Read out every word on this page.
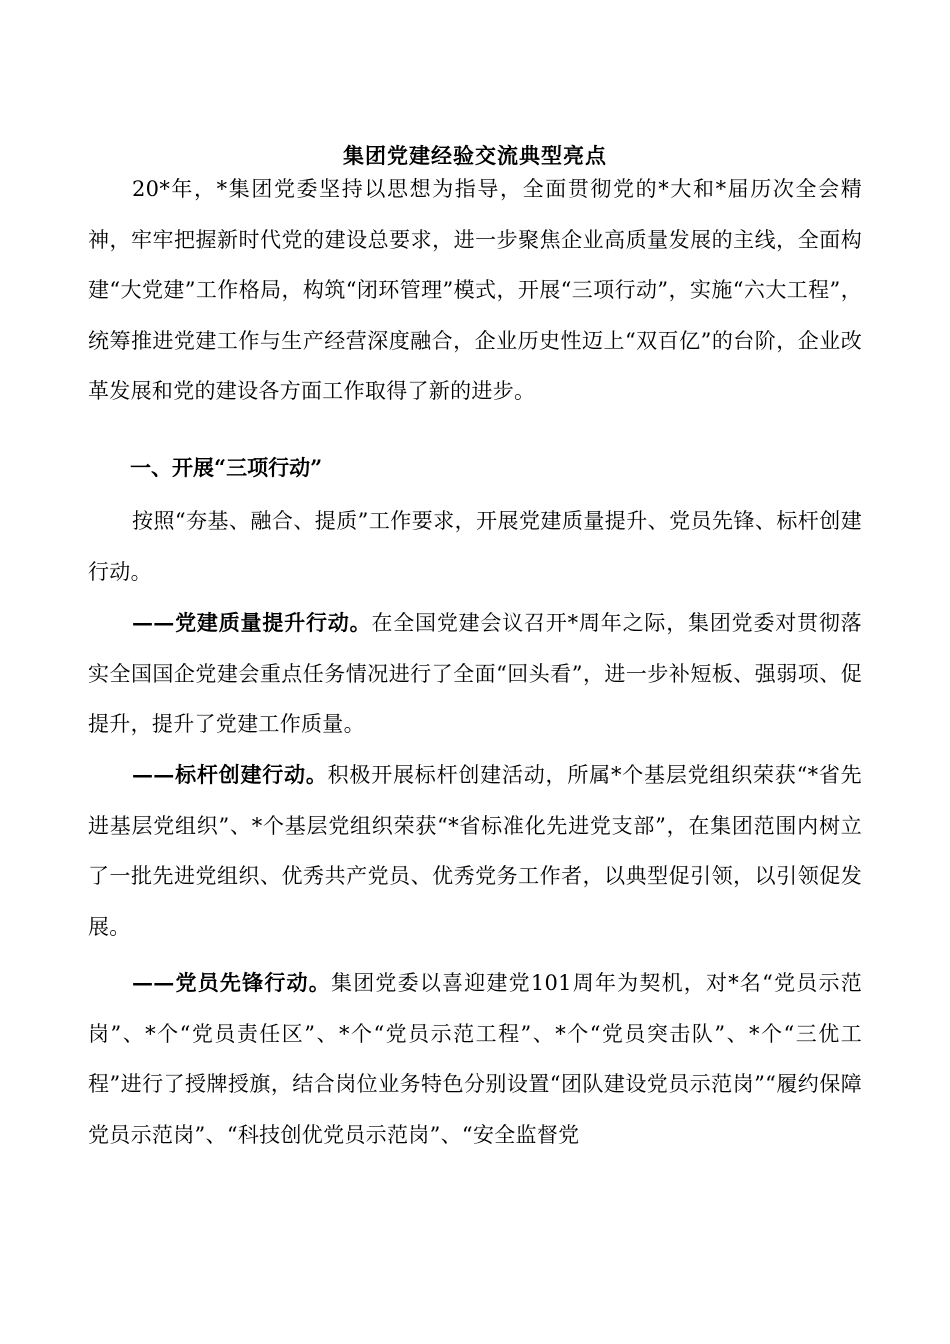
集团党建经验交流典型亮点

20*年，*集团党委坚持以思想为指导，全面贯彻党的*大和*届历次全会精神，牢牢把握新时代党的建设总要求，进一步聚焦企业高质量发展的主线，全面构建“大党建”工作格局，构筑“闭环管理”模式，开展“三项行动”，实施“六大工程”，统筹推进党建工作与生产经营深度融合，企业历史性迈上“双百亿”的台阶，企业改革发展和党的建设各方面工作取得了新的进步。

一、开展“三项行动”

按照“夯基、融合、提质”工作要求，开展党建质量提升、党员先锋、标杆创建行动。

——党建质量提升行动。在全国党建会议召开*周年之际，集团党委对贯彻落实全国国企党建会重点任务情况进行了全面“回头看”，进一步补短板、强弱项、促提升，提升了党建工作质量。

——标杆创建行动。积极开展标杆创建活动，所属*个基层党组织荣获“*省先进基层党组织”、*个基层党组织荣获“*省标准化先进党支部”，在集团范围内树立了一批先进党组织、优秀共产党员、优秀党务工作者，以典型促引领，以引领促发展。

——党员先锋行动。集团党委以喜迎建党101周年为契机，对*名“党员示范岗”、*个“党员责任区”、*个“党员示范工程”、*个“党员突击队”、*个“三优工程”进行了授牌授旗，结合岗位业务特色分别设置“团队建设党员示范岗”“履约保障党员示范岗”、“科技创优党员示范岗”、“安全监督党
